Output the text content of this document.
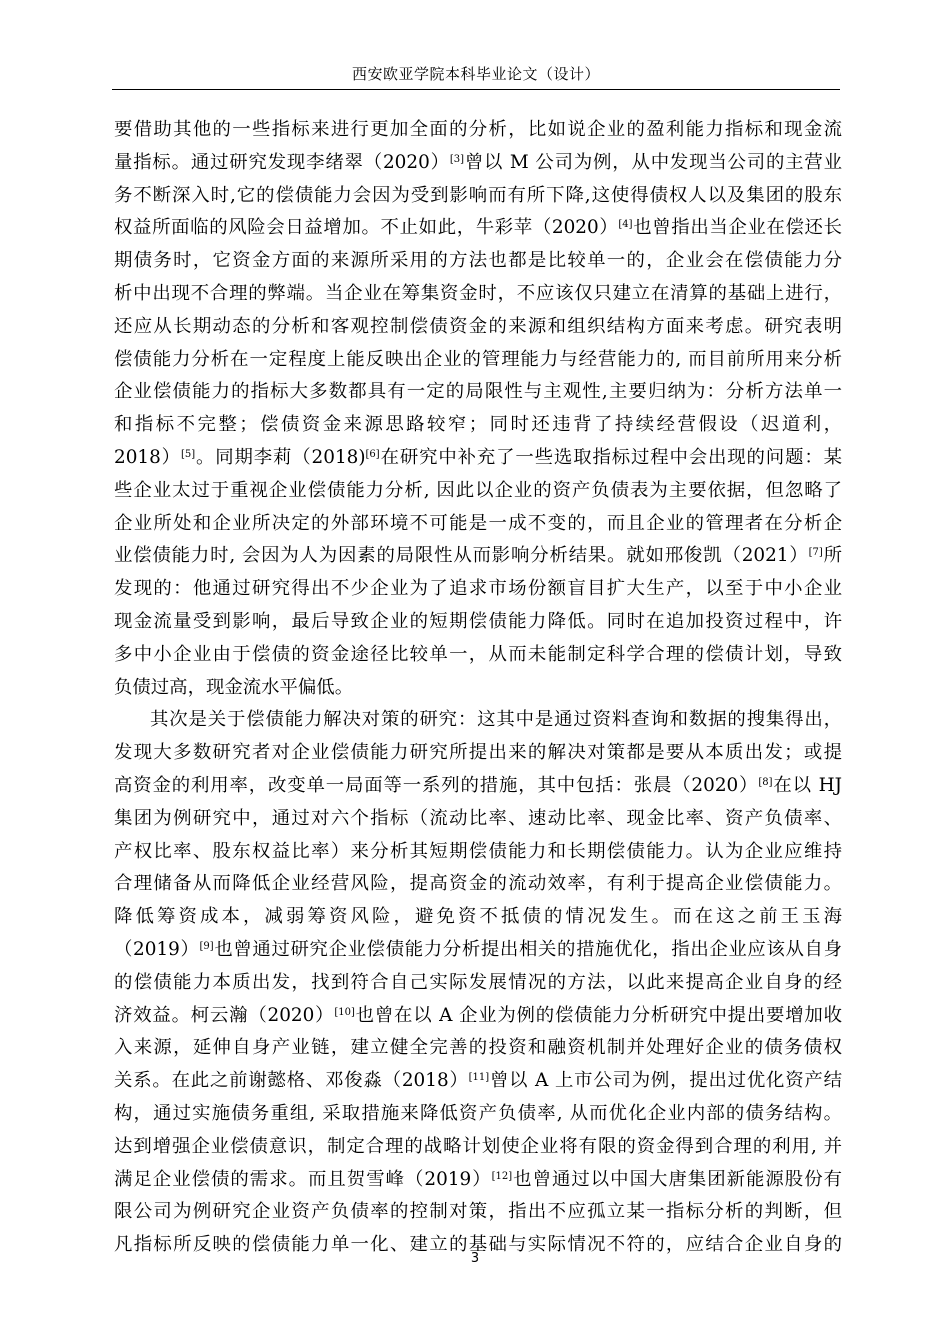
西安欧亚学院本科毕业论文（设计）
要借助其他的一些指标来进行更加全面的分析，比如说企业的盈利能力指标和现金流
量指标。通过研究发现李绪翠（2020）[3]曾以 M 公司为例，从中发现当公司的主营业
务不断深入时,它的偿债能力会因为受到影响而有所下降,这使得债权人以及集团的股东
权益所面临的风险会日益增加。不止如此，牛彩苹（2020）[4]也曾指出当企业在偿还长
期债务时，它资金方面的来源所采用的方法也都是比较单一的，企业会在偿债能力分
析中出现不合理的弊端。当企业在筹集资金时，不应该仅只建立在清算的基础上进行，
还应从长期动态的分析和客观控制偿债资金的来源和组织结构方面来考虑。研究表明
偿债能力分析在一定程度上能反映出企业的管理能力与经营能力的, 而目前所用来分析
企业偿债能力的指标大多数都具有一定的局限性与主观性,主要归纳为：分析方法单一
和指标不完整；偿债资金来源思路较窄；同时还违背了持续经营假设（迟道利，
2018）[5]。同期李莉（2018)[6]在研究中补充了一些选取指标过程中会出现的问题：某
些企业太过于重视企业偿债能力分析, 因此以企业的资产负债表为主要依据，但忽略了
企业所处和企业所决定的外部环境不可能是一成不变的，而且企业的管理者在分析企
业偿债能力时, 会因为人为因素的局限性从而影响分析结果。就如邢俊凯（2021）[7]所
发现的：他通过研究得出不少企业为了追求市场份额盲目扩大生产，以至于中小企业
现金流量受到影响，最后导致企业的短期偿债能力降低。同时在追加投资过程中，许
多中小企业由于偿债的资金途径比较单一，从而未能制定科学合理的偿债计划，导致
负债过高，现金流水平偏低。
其次是关于偿债能力解决对策的研究：这其中是通过资料查询和数据的搜集得出，
发现大多数研究者对企业偿债能力研究所提出来的解决对策都是要从本质出发；或提
高资金的利用率，改变单一局面等一系列的措施，其中包括：张晨（2020）[8]在以 HJ
集团为例研究中，通过对六个指标（流动比率、速动比率、现金比率、资产负债率、
产权比率、股东权益比率）来分析其短期偿债能力和长期偿债能力。认为企业应维持
合理储备从而降低企业经营风险，提高资金的流动效率，有利于提高企业偿债能力。
降低筹资成本，减弱筹资风险，避免资不抵债的情况发生。而在这之前王玉海
（2019）[9]也曾通过研究企业偿债能力分析提出相关的措施优化，指出企业应该从自身
的偿债能力本质出发，找到符合自己实际发展情况的方法，以此来提高企业自身的经
济效益。柯云瀚（2020）[10]也曾在以 A 企业为例的偿债能力分析研究中提出要增加收
入来源，延伸自身产业链，建立健全完善的投资和融资机制并处理好企业的债务债权
关系。在此之前谢懿格、邓俊淼（2018）[11]曾以 A 上市公司为例，提出过优化资产结
构，通过实施债务重组, 采取措施来降低资产负债率, 从而优化企业内部的债务结构。
达到增强企业偿债意识，制定合理的战略计划使企业将有限的资金得到合理的利用, 并
满足企业偿债的需求。而且贺雪峰（2019）[12]也曾通过以中国大唐集团新能源股份有
限公司为例研究企业资产负债率的控制对策，指出不应孤立某一指标分析的判断，但
凡指标所反映的偿债能力单一化、建立的基础与实际情况不符的，应结合企业自身的
3
